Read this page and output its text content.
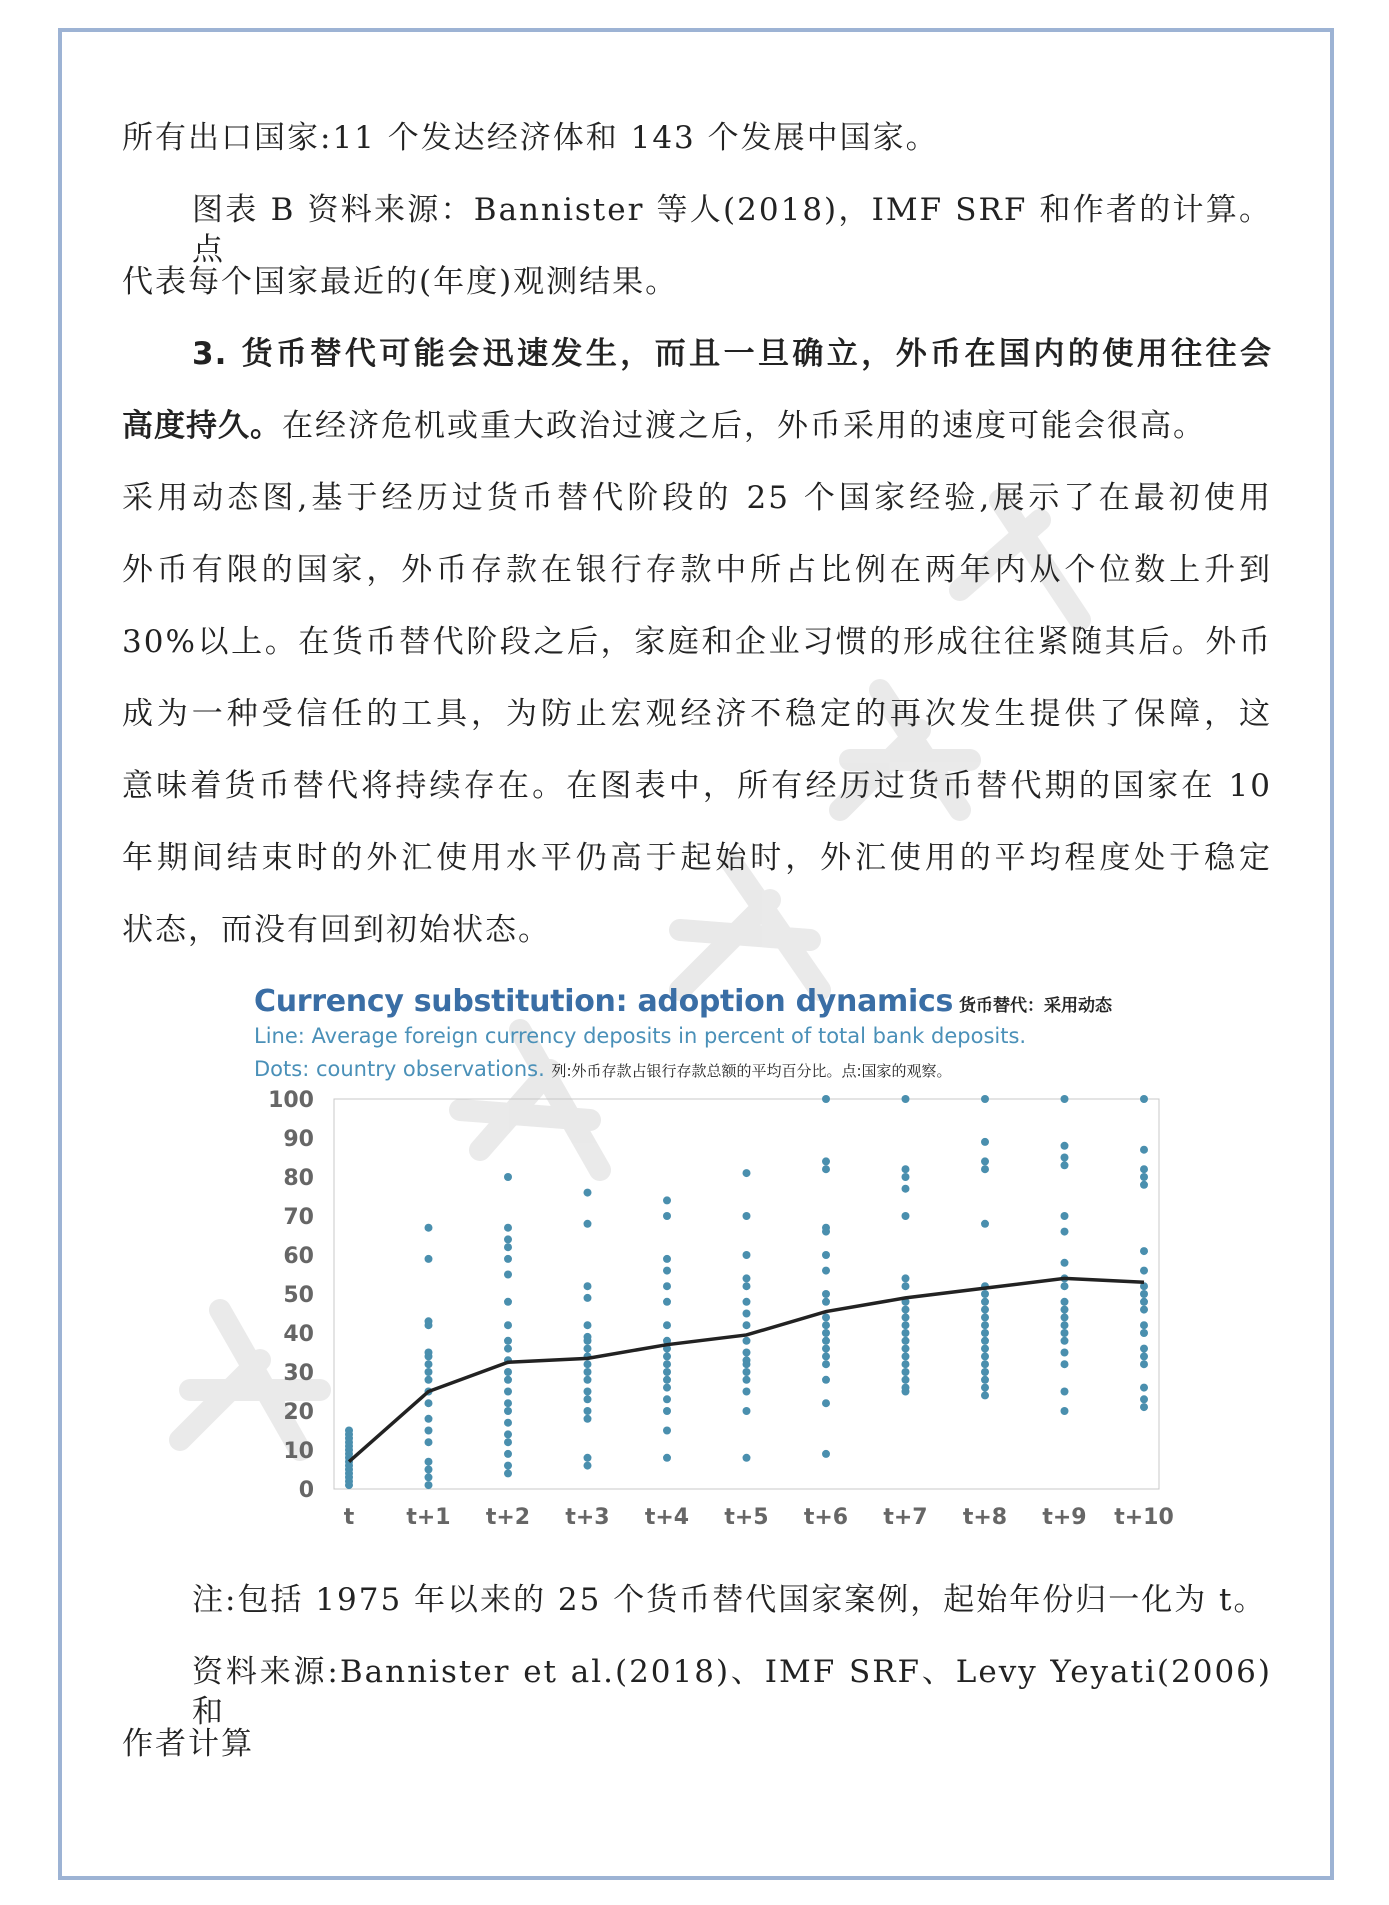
所有出口国家:11 个发达经济体和 143 个发展中国家。
图表 B 资料来源：Bannister 等人(2018)，IMF SRF 和作者的计算。点
代表每个国家最近的(年度)观测结果。
3. 货币替代可能会迅速发生，而且一旦确立，外币在国内的使用往往会
高度持久。在经济危机或重大政治过渡之后，外币采用的速度可能会很高。
采用动态图,基于经历过货币替代阶段的 25 个国家经验,展示了在最初使用
外币有限的国家，外币存款在银行存款中所占比例在两年内从个位数上升到
30%以上。在货币替代阶段之后，家庭和企业习惯的形成往往紧随其后。外币
成为一种受信任的工具，为防止宏观经济不稳定的再次发生提供了保障，这
意味着货币替代将持续存在。在图表中，所有经历过货币替代期的国家在 10
年期间结束时的外汇使用水平仍高于起始时，外汇使用的平均程度处于稳定
状态，而没有回到初始状态。
Currency substitution: adoption dynamics 货币替代：采用动态
Line: Average foreign currency deposits in percent of total bank deposits.
Dots: country observations. 列:外币存款占银行存款总额的平均百分比。点:国家的观察。
0
10
20
30
40
50
60
70
80
90
100
t t+1 t+2 t+3 t+4 t+5 t+6 t+7 t+8 t+9 t+10
注:包括 1975 年以来的 25 个货币替代国家案例，起始年份归一化为 t。
资料来源:Bannister et al.(2018)、IMF SRF、Levy Yeyati(2006)和
作者计算
